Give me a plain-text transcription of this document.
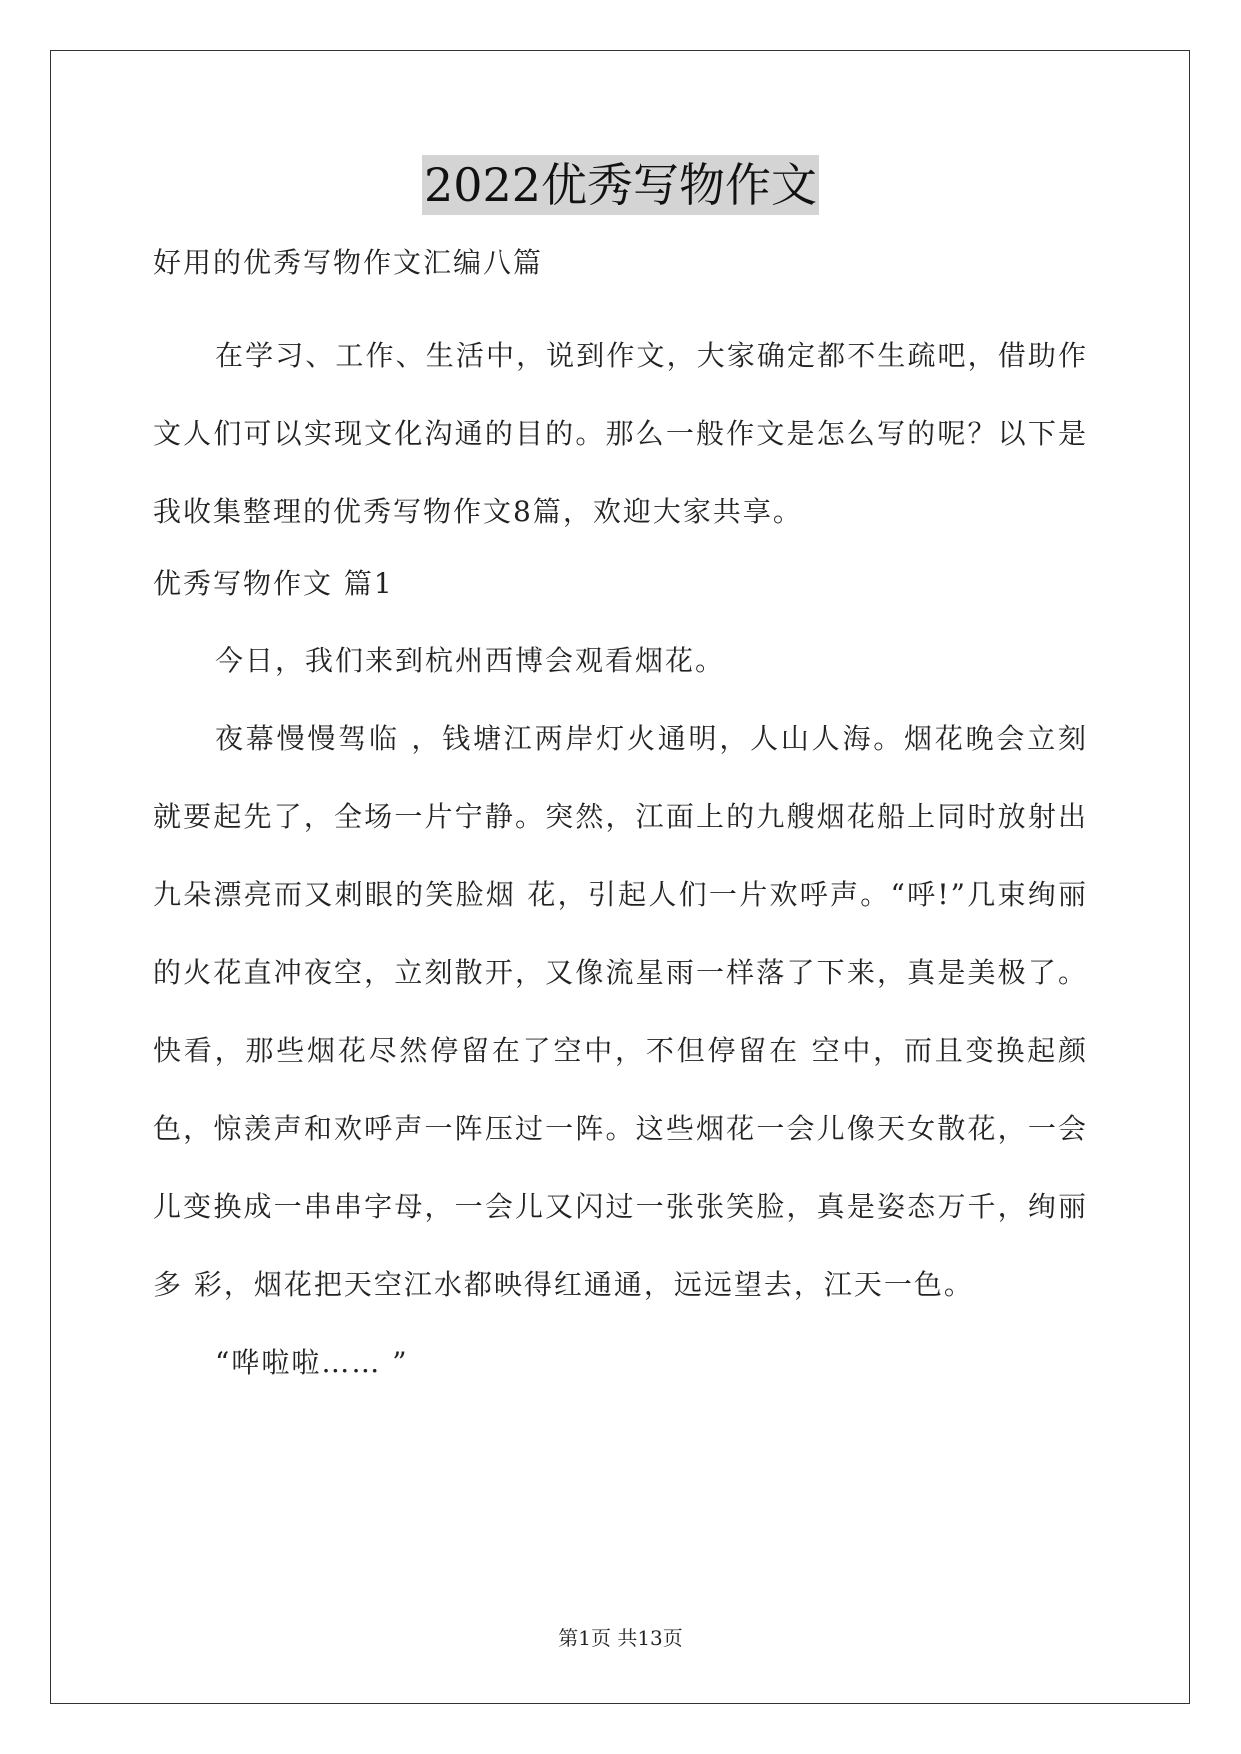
2022优秀写物作文

好用的优秀写物作文汇编八篇

在学习、工作、生活中，说到作文，大家确定都不生疏吧，借助作文人们可以实现文化沟通的目的。那么一般作文是怎么写的呢？以下是我收集整理的优秀写物作文8篇，欢迎大家共享。

优秀写物作文 篇1

今日，我们来到杭州西博会观看烟花。

夜幕慢慢驾临 ，钱塘江两岸灯火通明，人山人海。烟花晚会立刻就要起先了，全场一片宁静。突然，江面上的九艘烟花船上同时放射出九朵漂亮而又刺眼的笑脸烟 花，引起人们一片欢呼声。“呼!”几束绚丽的火花直冲夜空，立刻散开，又像流星雨一样落了下来，真是美极了。快看，那些烟花尽然停留在了空中，不但停留在 空中，而且变换起颜色，惊羡声和欢呼声一阵压过一阵。这些烟花一会儿像天女散花，一会儿变换成一串串字母，一会儿又闪过一张张笑脸，真是姿态万千，绚丽多 彩，烟花把天空江水都映得红通通，远远望去，江天一色。

“哗啦啦…… ”

第1页 共13页
